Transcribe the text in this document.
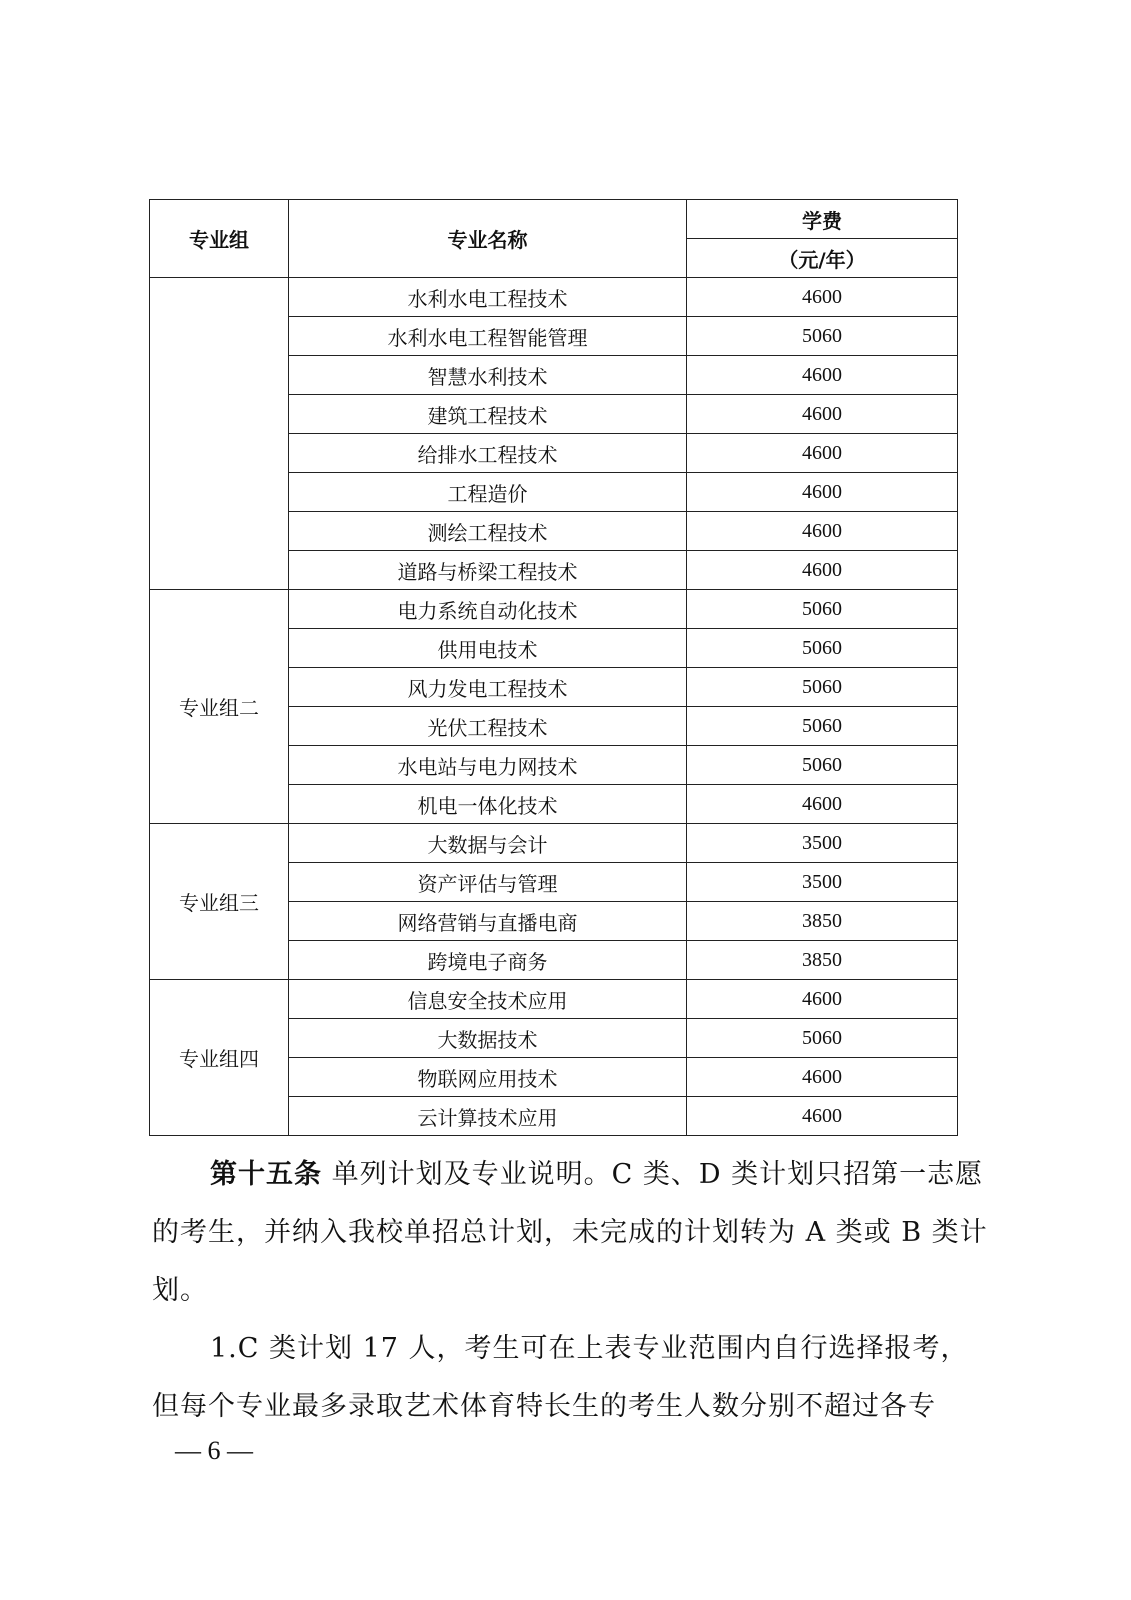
专业组	专业名称	学费
		（元/年）
	水利水电工程技术	4600
	水利水电工程智能管理	5060
	智慧水利技术	4600
	建筑工程技术	4600
	给排水工程技术	4600
	工程造价	4600
	测绘工程技术	4600
	道路与桥梁工程技术	4600
专业组二	电力系统自动化技术	5060
	供用电技术	5060
	风力发电工程技术	5060
	光伏工程技术	5060
	水电站与电力网技术	5060
	机电一体化技术	4600
专业组三	大数据与会计	3500
	资产评估与管理	3500
	网络营销与直播电商	3850
	跨境电子商务	3850
专业组四	信息安全技术应用	4600
	大数据技术	5060
	物联网应用技术	4600
	云计算技术应用	4600

第十五条 单列计划及专业说明。C 类、D 类计划只招第一志愿的考生，并纳入我校单招总计划，未完成的计划转为 A 类或 B 类计划。

1.C 类计划 17 人，考生可在上表专业范围内自行选择报考，但每个专业最多录取艺术体育特长生的考生人数分别不超过各专

— 6 —
